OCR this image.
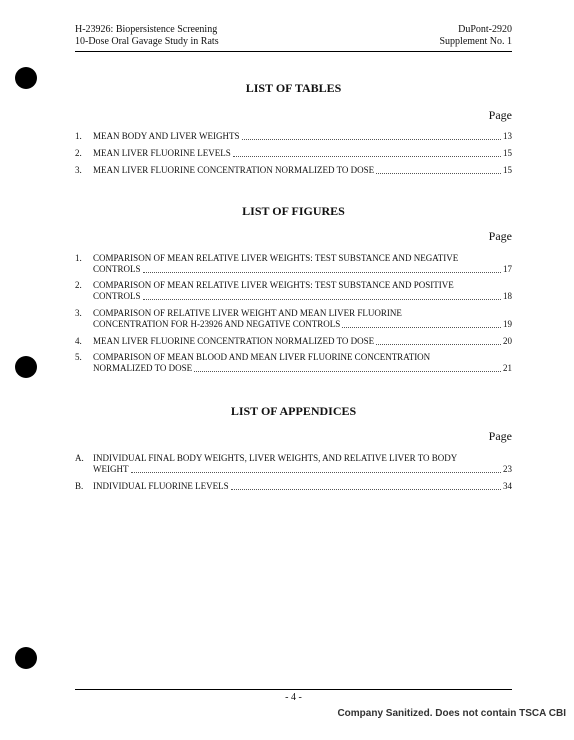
H-23926: Biopersistence Screening
10-Dose Oral Gavage Study in Rats
DuPont-2920
Supplement No. 1
LIST OF TABLES
Page
1. MEAN BODY AND LIVER WEIGHTS	13
2. MEAN LIVER FLUORINE LEVELS	15
3. MEAN LIVER FLUORINE CONCENTRATION NORMALIZED TO DOSE	15
LIST OF FIGURES
Page
1. COMPARISON OF MEAN RELATIVE LIVER WEIGHTS: TEST SUBSTANCE AND NEGATIVE
CONTROLS	17
2. COMPARISON OF MEAN RELATIVE LIVER WEIGHTS: TEST SUBSTANCE AND POSITIVE
CONTROLS	18
3. COMPARISON OF RELATIVE LIVER WEIGHT AND MEAN LIVER FLUORINE
CONCENTRATION FOR H-23926 AND NEGATIVE CONTROLS	19
4. MEAN LIVER FLUORINE CONCENTRATION NORMALIZED TO DOSE	20
5. COMPARISON OF MEAN BLOOD AND MEAN LIVER FLUORINE CONCENTRATION
NORMALIZED TO DOSE	21
LIST OF APPENDICES
Page
A. INDIVIDUAL FINAL BODY WEIGHTS, LIVER WEIGHTS, AND RELATIVE LIVER TO BODY
WEIGHT	23
B. INDIVIDUAL FLUORINE LEVELS	34
- 4 -
Company Sanitized. Does not contain TSCA CBI
